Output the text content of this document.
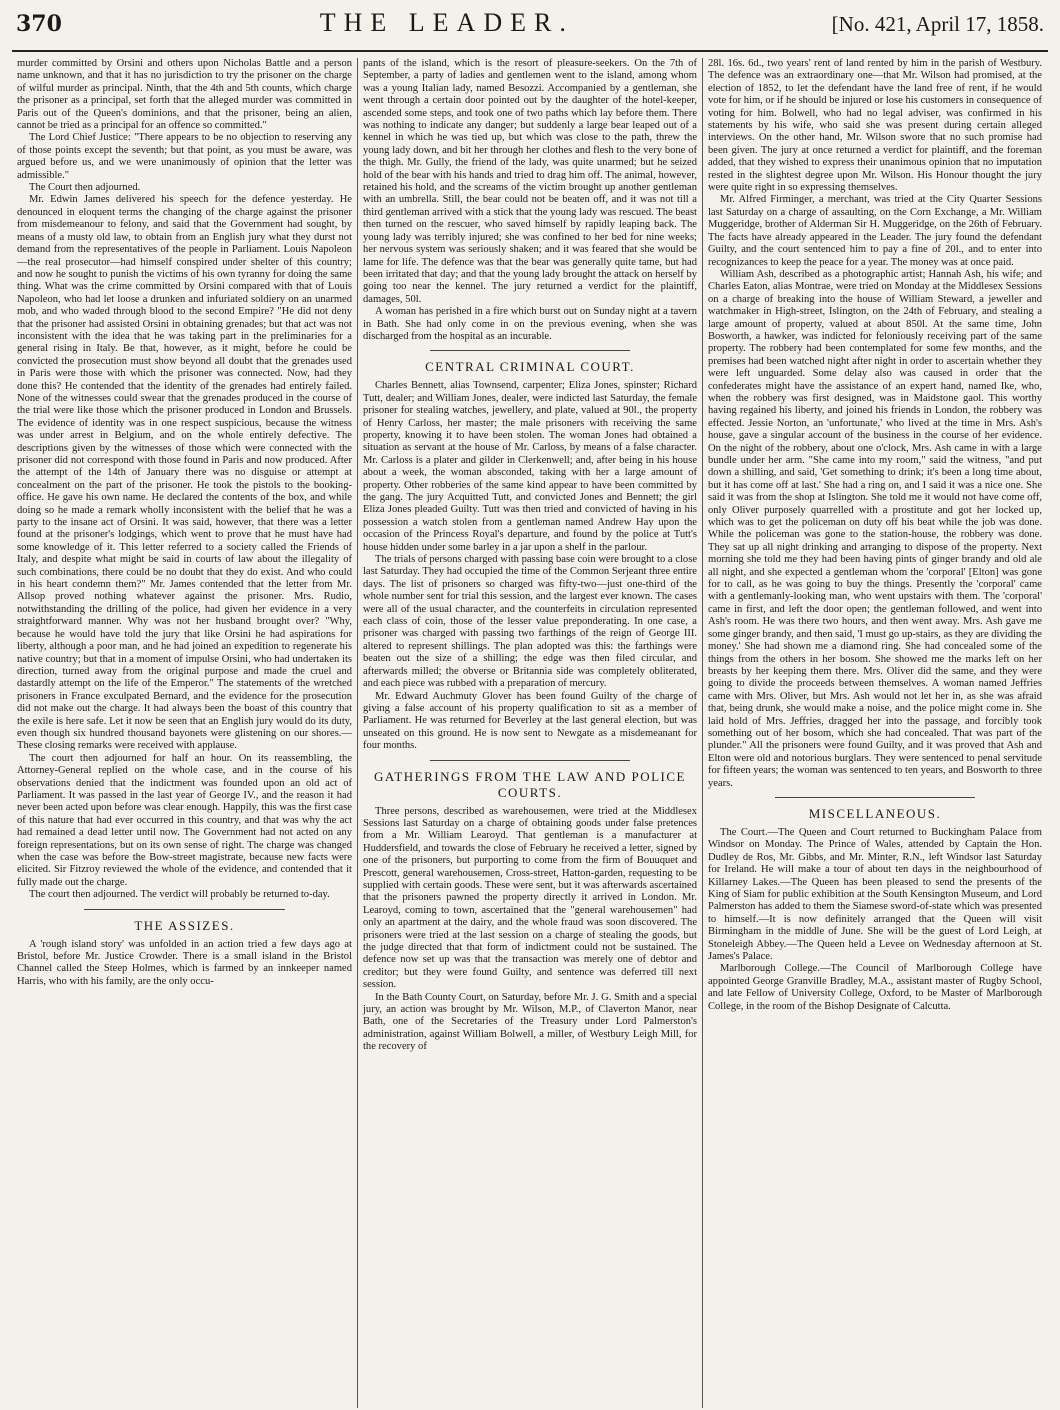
370	THE LEADER.	[No. 421, April 17, 1858.

murder committed by Orsini and others upon Nicholas Battle and a person name unknown, and that it has no jurisdiction to try the prisoner on the charge of wilful murder as principal. Ninth, that the 4th and 5th counts, which charge the prisoner as a principal, set forth that the alleged murder was committed in Paris out of the Queen's dominions, and that the prisoner, being an alien, cannot be tried as a principal for an offence so committed."

The Lord Chief Justice: "There appears to be no objection to reserving any of those points except the seventh; but that point, as you must be aware, was argued before us, and we were unanimously of opinion that the letter was admissible."

The Court then adjourned.

Mr. Edwin James delivered his speech for the defence yesterday. He denounced in eloquent terms the changing of the charge against the prisoner from misdemeanour to felony, and said that the Government had sought, by means of a musty old law, to obtain from an English jury what they durst not demand from the representatives of the people in Parliament. Louis Napoleon—the real prosecutor—had himself conspired under shelter of this country; and now he sought to punish the victims of his own tyranny for doing the same thing. What was the crime committed by Orsini compared with that of Louis Napoleon, who had let loose a drunken and infuriated soldiery on an unarmed mob, and who waded through blood to the second Empire? "He did not deny that the prisoner had assisted Orsini in obtaining grenades; but that act was not inconsistent with the idea that he was taking part in the preliminaries for a general rising in Italy. Be that, however, as it might, before he could be convicted the prosecution must show beyond all doubt that the grenades used in Paris were those with which the prisoner was connected. Now, had they done this? He contended that the identity of the grenades had entirely failed. None of the witnesses could swear that the grenades produced in the course of the trial were like those which the prisoner produced in London and Brussels. The evidence of identity was in one respect suspicious, because the witness was under arrest in Belgium, and on the whole entirely defective. The descriptions given by the witnesses of those which were connected with the prisoner did not correspond with those found in Paris and now produced. After the attempt of the 14th of January there was no disguise or attempt at concealment on the part of the prisoner. He took the pistols to the booking-office. He gave his own name. He declared the contents of the box, and while doing so he made a remark wholly inconsistent with the belief that he was a party to the insane act of Orsini. It was said, however, that there was a letter found at the prisoner's lodgings, which went to prove that he must have had some knowledge of it. This letter referred to a society called the Friends of Italy, and despite what might be said in courts of law about the illegality of such combinations, there could be no doubt that they do exist. And who could in his heart condemn them?" Mr. James contended that the letter from Mr. Allsop proved nothing whatever against the prisoner. Mrs. Rudio, notwithstanding the drilling of the police, had given her evidence in a very straightforward manner. Why was not her husband brought over? "Why, because he would have told the jury that like Orsini he had aspirations for liberty, although a poor man, and he had joined an expedition to regenerate his native country; but that in a moment of impulse Orsini, who had undertaken its direction, turned away from the original purpose and made the cruel and dastardly attempt on the life of the Emperor." The statements of the wretched prisoners in France exculpated Bernard, and the evidence for the prosecution did not make out the charge. It had always been the boast of this country that the exile is here safe. Let it now be seen that an English jury would do its duty, even though six hundred thousand bayonets were glistening on our shores.—These closing remarks were received with applause.

The court then adjourned for half an hour. On its reassembling, the Attorney-General replied on the whole case, and in the course of his observations denied that the indictment was founded upon an old act of Parliament. It was passed in the last year of George IV., and the reason it had never been acted upon before was clear enough. Happily, this was the first case of this nature that had ever occurred in this country, and that was why the act had remained a dead letter until now. The Government had not acted on any foreign representations, but on its own sense of right. The charge was changed when the case was before the Bow-street magistrate, because new facts were elicited. Sir Fitzroy reviewed the whole of the evidence, and contended that it fully made out the charge.

The court then adjourned. The verdict will probably be returned to-day.

THE ASSIZES.

A 'rough island story' was unfolded in an action tried a few days ago at Bristol, before Mr. Justice Crowder. There is a small island in the Bristol Channel called the Steep Holmes, which is farmed by an innkeeper named Harris, who with his family, are the only occu-

pants of the island, which is the resort of pleasure-seekers. On the 7th of September, a party of ladies and gentlemen went to the island, among whom was a young Italian lady, named Besozzi. Accompanied by a gentleman, she went through a certain door pointed out by the daughter of the hotel-keeper, ascended some steps, and took one of two paths which lay before them. There was nothing to indicate any danger; but suddenly a large bear leaped out of a kennel in which he was tied up, but which was close to the path, threw the young lady down, and bit her through her clothes and flesh to the very bone of the thigh. Mr. Gully, the friend of the lady, was quite unarmed; but he seized hold of the bear with his hands and tried to drag him off. The animal, however, retained his hold, and the screams of the victim brought up another gentleman with an umbrella. Still, the bear could not be beaten off, and it was not till a third gentleman arrived with a stick that the young lady was rescued. The beast then turned on the rescuer, who saved himself by rapidly leaping back. The young lady was terribly injured; she was confined to her bed for nine weeks; her nervous system was seriously shaken; and it was feared that she would be lame for life. The defence was that the bear was generally quite tame, but had been irritated that day; and that the young lady brought the attack on herself by going too near the kennel. The jury returned a verdict for the plaintiff, damages, 50l.

A woman has perished in a fire which burst out on Sunday night at a tavern in Bath. She had only come in on the previous evening, when she was discharged from the hospital as an incurable.

CENTRAL CRIMINAL COURT.

Charles Bennett, alias Townsend, carpenter; Eliza Jones, spinster; Richard Tutt, dealer; and William Jones, dealer, were indicted last Saturday, the female prisoner for stealing watches, jewellery, and plate, valued at 90l., the property of Henry Carloss, her master; the male prisoners with receiving the same property, knowing it to have been stolen. The woman Jones had obtained a situation as servant at the house of Mr. Carloss, by means of a false character. Mr. Carloss is a plater and gilder in Clerkenwell; and, after being in his house about a week, the woman absconded, taking with her a large amount of property. Other robberies of the same kind appear to have been committed by the gang. The jury Acquitted Tutt, and convicted Jones and Bennett; the girl Eliza Jones pleaded Guilty. Tutt was then tried and convicted of having in his possession a watch stolen from a gentleman named Andrew Hay upon the occasion of the Princess Royal's departure, and found by the police at Tutt's house hidden under some barley in a jar upon a shelf in the parlour.

The trials of persons charged with passing base coin were brought to a close last Saturday. They had occupied the time of the Common Serjeant three entire days. The list of prisoners so charged was fifty-two—just one-third of the whole number sent for trial this session, and the largest ever known. The cases were all of the usual character, and the counterfeits in circulation represented each class of coin, those of the lesser value preponderating. In one case, a prisoner was charged with passing two farthings of the reign of George III. altered to represent shillings. The plan adopted was this: the farthings were beaten out the size of a shilling; the edge was then filed circular, and afterwards milled; the obverse or Britannia side was completely obliterated, and each piece was rubbed with a preparation of mercury.

Mr. Edward Auchmuty Glover has been found Guilty of the charge of giving a false account of his property qualification to sit as a member of Parliament. He was returned for Beverley at the last general election, but was unseated on this ground. He is now sent to Newgate as a misdemeanant for four months.

GATHERINGS FROM THE LAW AND POLICE COURTS.

Three persons, described as warehousemen, were tried at the Middlesex Sessions last Saturday on a charge of obtaining goods under false pretences from a Mr. William Learoyd. That gentleman is a manufacturer at Huddersfield, and towards the close of February he received a letter, signed by one of the prisoners, but purporting to come from the firm of Bouuquet and Prescott, general warehousemen, Cross-street, Hatton-garden, requesting to be supplied with certain goods. These were sent, but it was afterwards ascertained that the prisoners pawned the property directly it arrived in London. Mr. Learoyd, coming to town, ascertained that the "general warehousemen" had only an apartment at the dairy, and the whole fraud was soon discovered. The prisoners were tried at the last session on a charge of stealing the goods, but the judge directed that that form of indictment could not be sustained. The defence now set up was that the transaction was merely one of debtor and creditor; but they were found Guilty, and sentence was deferred till next session.

In the Bath County Court, on Saturday, before Mr. J. G. Smith and a special jury, an action was brought by Mr. Wilson, M.P., of Claverton Manor, near Bath, one of the Secretaries of the Treasury under Lord Palmerston's administration, against William Bolwell, a miller, of Westbury Leigh Mill, for the recovery of

28l. 16s. 6d., two years' rent of land rented by him in the parish of Westbury. The defence was an extraordinary one—that Mr. Wilson had promised, at the election of 1852, to let the defendant have the land free of rent, if he would vote for him, or if he should be injured or lose his customers in consequence of voting for him. Bolwell, who had no legal adviser, was confirmed in his statements by his wife, who said she was present during certain alleged interviews. On the other hand, Mr. Wilson swore that no such promise had been given. The jury at once returned a verdict for plaintiff, and the foreman added, that they wished to express their unanimous opinion that no imputation rested in the slightest degree upon Mr. Wilson. His Honour thought the jury were quite right in so expressing themselves.

Mr. Alfred Firminger, a merchant, was tried at the City Quarter Sessions last Saturday on a charge of assaulting, on the Corn Exchange, a Mr. William Muggeridge, brother of Alderman Sir H. Muggeridge, on the 26th of February. The facts have already appeared in the Leader. The jury found the defendant Guilty, and the court sentenced him to pay a fine of 20l., and to enter into recognizances to keep the peace for a year. The money was at once paid.

William Ash, described as a photographic artist; Hannah Ash, his wife; and Charles Eaton, alias Montrae, were tried on Monday at the Middlesex Sessions on a charge of breaking into the house of William Steward, a jeweller and watchmaker in High-street, Islington, on the 24th of February, and stealing a large amount of property, valued at about 850l. At the same time, John Bosworth, a hawker, was indicted for feloniously receiving part of the same property. The robbery had been contemplated for some few months, and the premises had been watched night after night in order to ascertain whether they were left unguarded. Some delay also was caused in order that the confederates might have the assistance of an expert hand, named Ike, who, when the robbery was first designed, was in Maidstone gaol. This worthy having regained his liberty, and joined his friends in London, the robbery was effected. Jessie Norton, an 'unfortunate,' who lived at the time in Mrs. Ash's house, gave a singular account of the business in the course of her evidence. On the night of the robbery, about one o'clock, Mrs. Ash came in with a large bundle under her arm. "She came into my room," said the witness, "and put down a shilling, and said, 'Get something to drink; it's been a long time about, but it has come off at last.' She had a ring on, and I said it was a nice one. She said it was from the shop at Islington. She told me it would not have come off, only Oliver purposely quarrelled with a prostitute and got her locked up, which was to get the policeman on duty off his beat while the job was done. While the policeman was gone to the station-house, the robbery was done. They sat up all night drinking and arranging to dispose of the property. Next morning she told me they had been having pints of ginger brandy and old ale all night, and she expected a gentleman whom the 'corporal' [Elton] was gone for to call, as he was going to buy the things. Presently the 'corporal' came with a gentlemanly-looking man, who went upstairs with them. The 'corporal' came in first, and left the door open; the gentleman followed, and went into Ash's room. He was there two hours, and then went away. Mrs. Ash gave me some ginger brandy, and then said, 'I must go up-stairs, as they are dividing the money.' She had shown me a diamond ring. She had concealed some of the things from the others in her bosom. She showed me the marks left on her breasts by her keeping them there. Mrs. Oliver did the same, and they were going to divide the proceeds between themselves. A woman named Jeffries came with Mrs. Oliver, but Mrs. Ash would not let her in, as she was afraid that, being drunk, she would make a noise, and the police might come in. She laid hold of Mrs. Jeffries, dragged her into the passage, and forcibly took something out of her bosom, which she had concealed. That was part of the plunder." All the prisoners were found Guilty, and it was proved that Ash and Elton were old and notorious burglars. They were sentenced to penal servitude for fifteen years; the woman was sentenced to ten years, and Bosworth to three years.

MISCELLANEOUS.

The Court.—The Queen and Court returned to Buckingham Palace from Windsor on Monday. The Prince of Wales, attended by Captain the Hon. Dudley de Ros, Mr. Gibbs, and Mr. Minter, R.N., left Windsor last Saturday for Ireland. He will make a tour of about ten days in the neighbourhood of Killarney Lakes.—The Queen has been pleased to send the presents of the King of Siam for public exhibition at the South Kensington Museum, and Lord Palmerston has added to them the Siamese sword-of-state which was presented to himself.—It is now definitely arranged that the Queen will visit Birmingham in the middle of June. She will be the guest of Lord Leigh, at Stoneleigh Abbey.—The Queen held a Levee on Wednesday afternoon at St. James's Palace.

Marlborough College.—The Council of Marlborough College have appointed George Granville Bradley, M.A., assistant master of Rugby School, and late Fellow of University College, Oxford, to be Master of Marlborough College, in the room of the Bishop Designate of Calcutta.
